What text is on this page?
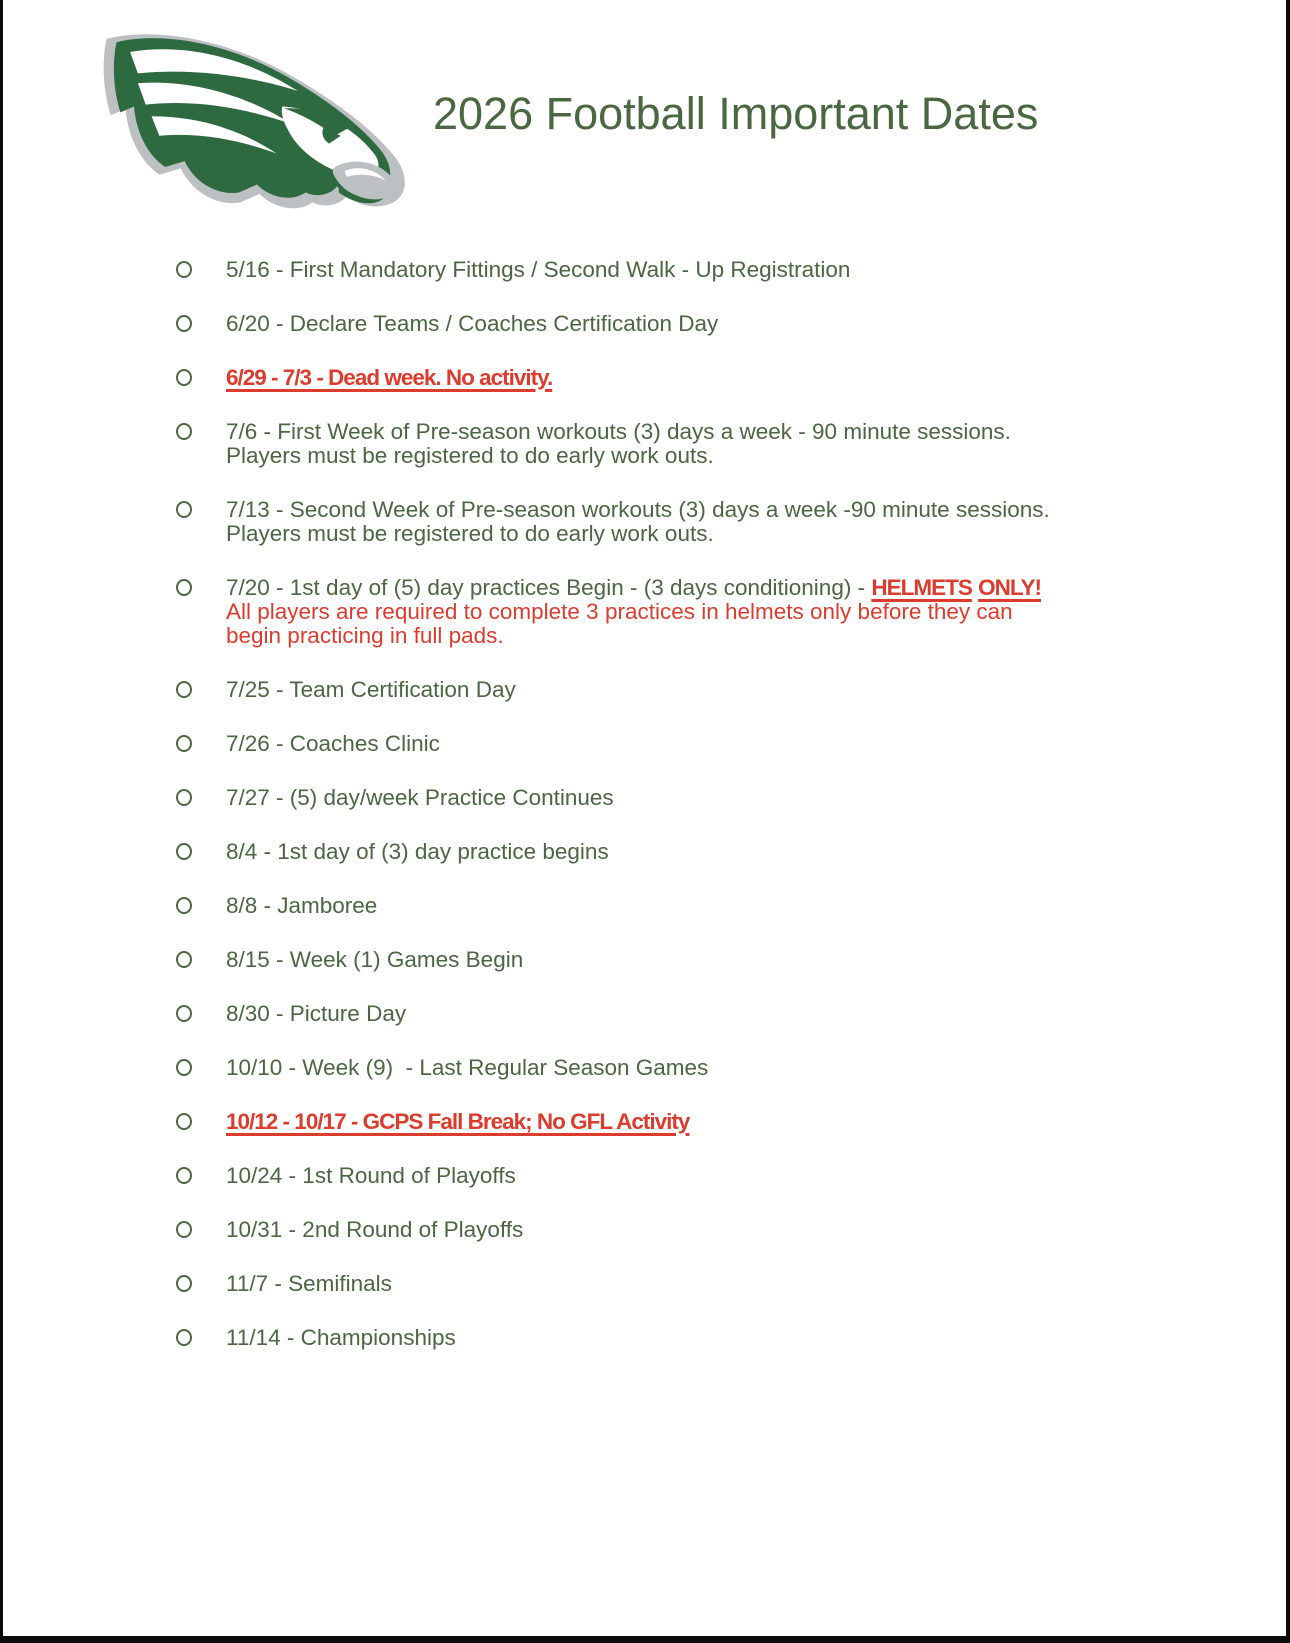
2026 Football Important Dates
5/16 - First Mandatory Fittings / Second Walk - Up Registration
6/20 - Declare Teams / Coaches Certification Day
6/29 - 7/3 - Dead week. No activity.
7/6 - First Week of Pre-season workouts (3) days a week - 90 minute sessions.
Players must be registered to do early work outs.
7/13 - Second Week of Pre-season workouts (3) days a week -90 minute sessions.
Players must be registered to do early work outs.
7/20 - 1st day of (5) day practices Begin - (3 days conditioning) - HELMETS ONLY!
All players are required to complete 3 practices in helmets only before they can
begin practicing in full pads.
7/25 - Team Certification Day
7/26 - Coaches Clinic
7/27 - (5) day/week Practice Continues
8/4 - 1st day of (3) day practice begins
8/8 - Jamboree
8/15 - Week (1) Games Begin
8/30 - Picture Day
10/10 - Week (9)  - Last Regular Season Games
10/12 - 10/17 - GCPS Fall Break; No GFL Activity
10/24 - 1st Round of Playoffs
10/31 - 2nd Round of Playoffs
11/7 - Semifinals
11/14 - Championships
